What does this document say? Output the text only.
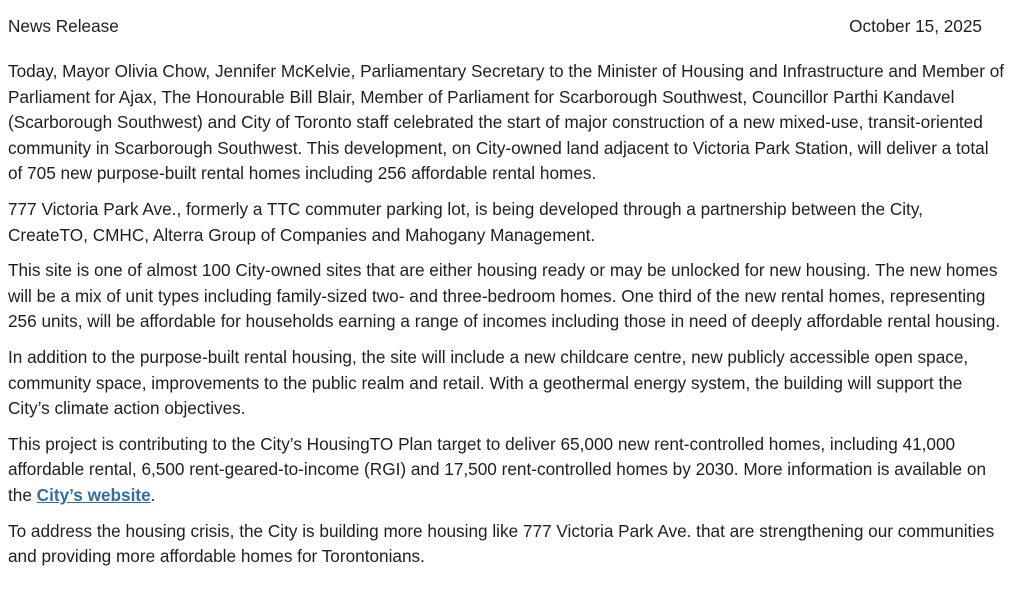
News Release	October 15, 2025

Today, Mayor Olivia Chow, Jennifer McKelvie, Parliamentary Secretary to the Minister of Housing and Infrastructure and Member of Parliament for Ajax, The Honourable Bill Blair, Member of Parliament for Scarborough Southwest, Councillor Parthi Kandavel (Scarborough Southwest) and City of Toronto staff celebrated the start of major construction of a new mixed-use, transit-oriented community in Scarborough Southwest. This development, on City-owned land adjacent to Victoria Park Station, will deliver a total of 705 new purpose-built rental homes including 256 affordable rental homes.

777 Victoria Park Ave., formerly a TTC commuter parking lot, is being developed through a partnership between the City, CreateTO, CMHC, Alterra Group of Companies and Mahogany Management.

This site is one of almost 100 City-owned sites that are either housing ready or may be unlocked for new housing. The new homes will be a mix of unit types including family-sized two- and three-bedroom homes. One third of the new rental homes, representing 256 units, will be affordable for households earning a range of incomes including those in need of deeply affordable rental housing.

In addition to the purpose-built rental housing, the site will include a new childcare centre, new publicly accessible open space, community space, improvements to the public realm and retail. With a geothermal energy system, the building will support the City’s climate action objectives.

This project is contributing to the City’s HousingTO Plan target to deliver 65,000 new rent-controlled homes, including 41,000 affordable rental, 6,500 rent-geared-to-income (RGI) and 17,500 rent-controlled homes by 2030. More information is available on the City’s website.

To address the housing crisis, the City is building more housing like 777 Victoria Park Ave. that are strengthening our communities and providing more affordable homes for Torontonians.
